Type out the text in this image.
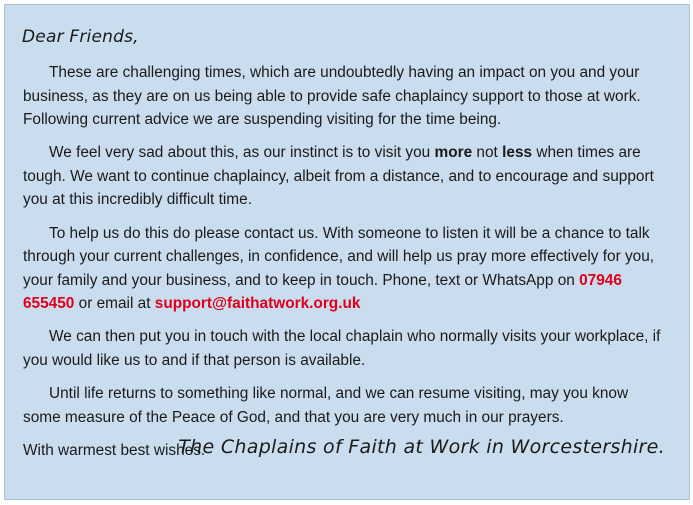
Dear Friends,

These are challenging times, which are undoubtedly having an impact on you and your business, as they are on us being able to provide safe chaplaincy support to those at work. Following current advice we are suspending visiting for the time being.

We feel very sad about this, as our instinct is to visit you more not less when times are tough. We want to continue chaplaincy, albeit from a distance, and to encourage and support you at this incredibly difficult time.

To help us do this do please contact us. With someone to listen it will be a chance to talk through your current challenges, in confidence, and will help us pray more effectively for you, your family and your business, and to keep in touch. Phone, text or WhatsApp on 07946 655450 or email at support@faithatwork.org.uk

We can then put you in touch with the local chaplain who normally visits your workplace, if you would like us to and if that person is available.

Until life returns to something like normal, and we can resume visiting, may you know some measure of the Peace of God, and that you are very much in our prayers.

With warmest best wishes.

The Chaplains of Faith at Work in Worcestershire.
